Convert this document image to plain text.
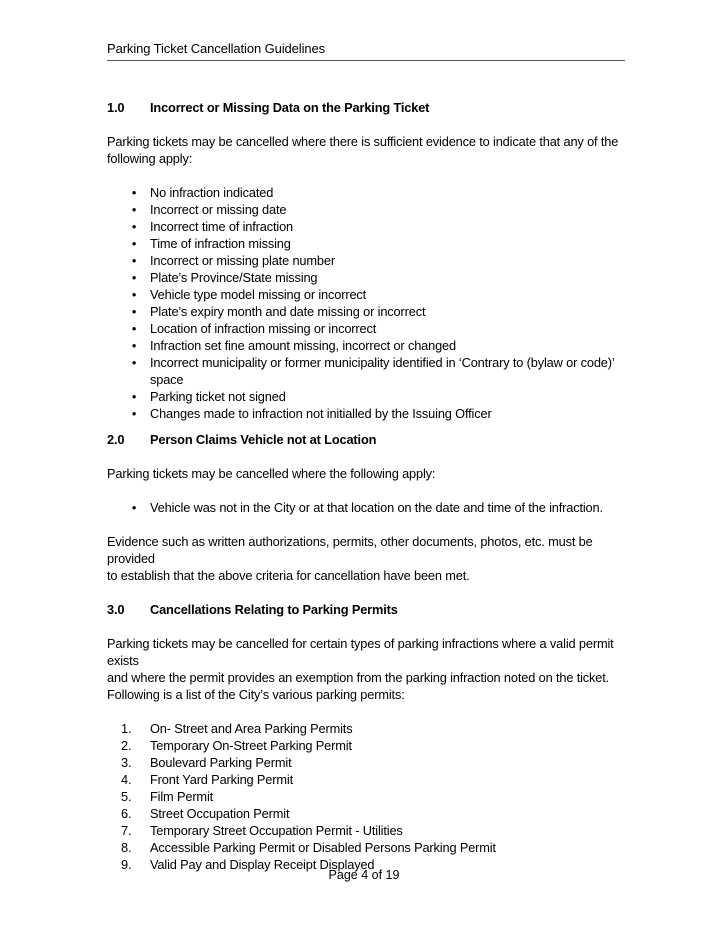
Parking Ticket Cancellation Guidelines
1.0	Incorrect or Missing Data on the Parking Ticket
Parking tickets may be cancelled where there is sufficient evidence to indicate that any of the
following apply:
• No infraction indicated
• Incorrect or missing date
• Incorrect time of infraction
• Time of infraction missing
• Incorrect or missing plate number
• Plate’s Province/State missing
• Vehicle type model missing or incorrect
• Plate’s expiry month and date missing or incorrect
• Location of infraction missing or incorrect
• Infraction set fine amount missing, incorrect or changed
• Incorrect municipality or former municipality identified in ‘Contrary to (bylaw or code)’ space
• Parking ticket not signed
• Changes made to infraction not initialled by the Issuing Officer
2.0	Person Claims Vehicle not at Location
Parking tickets may be cancelled where the following apply:
• Vehicle was not in the City or at that location on the date and time of the infraction.
Evidence such as written authorizations, permits, other documents, photos, etc. must be provided
to establish that the above criteria for cancellation have been met.
3.0	Cancellations Relating to Parking Permits
Parking tickets may be cancelled for certain types of parking infractions where a valid permit exists
and where the permit provides an exemption from the parking infraction noted on the ticket.
Following is a list of the City’s various parking permits:
1.	On- Street and Area Parking Permits
2.	Temporary On-Street Parking Permit
3.	Boulevard Parking Permit
4.	Front Yard Parking Permit
5.	Film Permit
6.	Street Occupation Permit
7.	Temporary Street Occupation Permit - Utilities
8.	Accessible Parking Permit or Disabled Persons Parking Permit
9.	Valid Pay and Display Receipt Displayed
Page 4 of 19
